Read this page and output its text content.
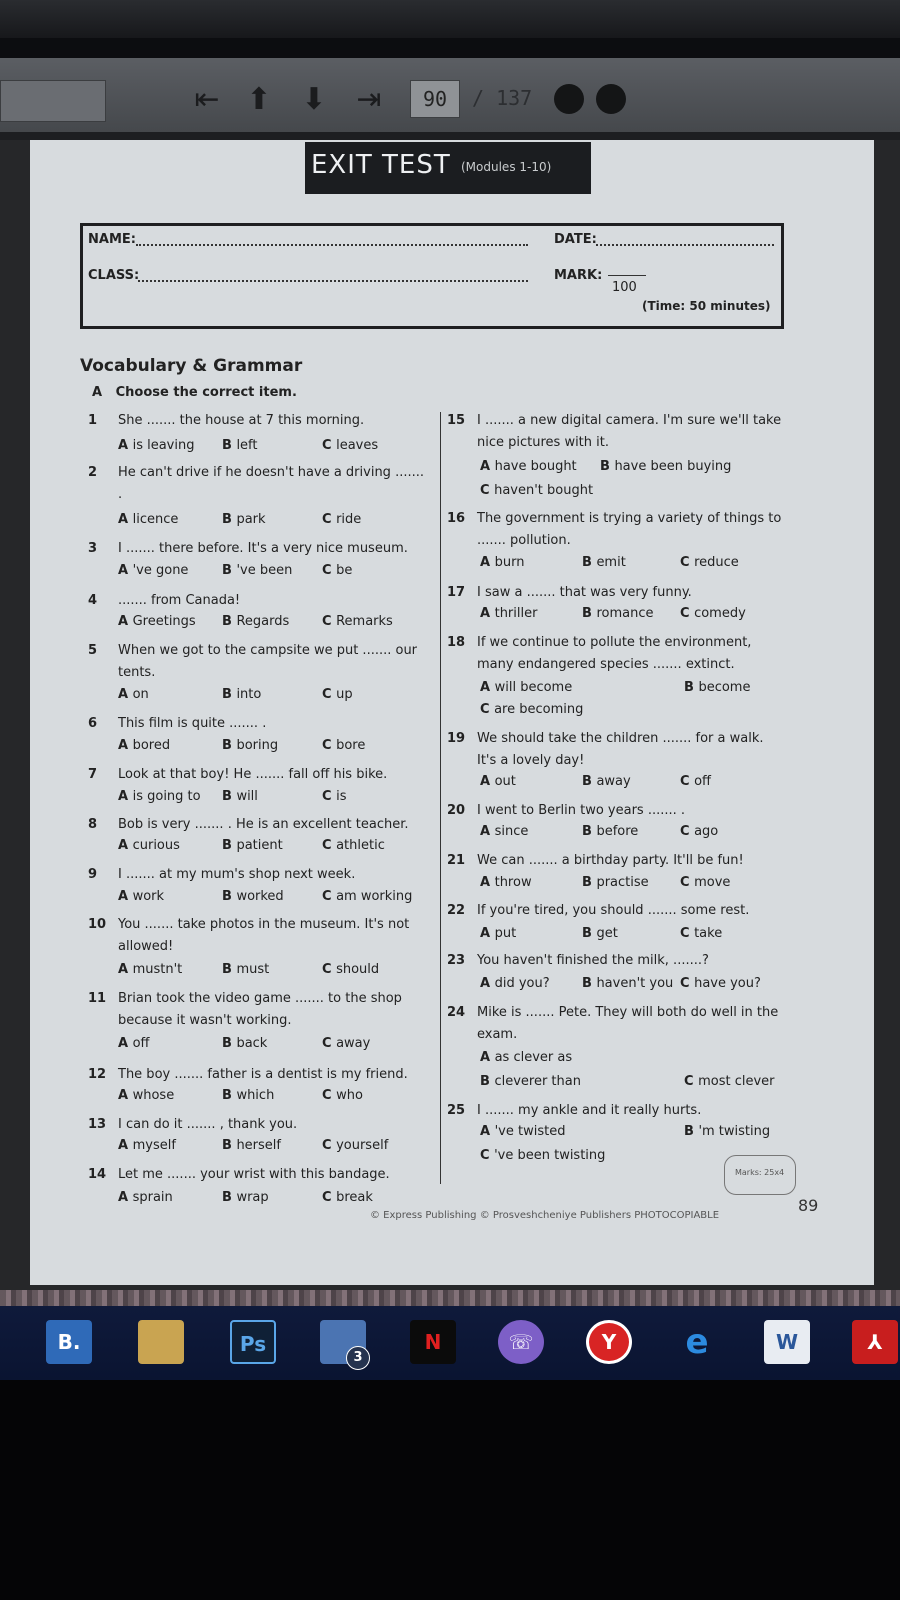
⇤ ⬆ ⬇ ⇥	90	/ 137
EXIT TEST (Modules 1-10)
NAME:	DATE:
CLASS:	MARK:
100
(Time: 50 minutes)
Vocabulary & Grammar
A Choose the correct item.
1 She ....... the house at 7 this morning.
A is leaving B left	C leaves
2 He can't drive if he doesn't have a driving ....... .
A licence	B park	C ride
3 I ....... there before. It's a very nice museum.
A 've gone	B 've been C be
4 ....... from Canada!
A Greetings B Regards	C Remarks
5 When we got to the campsite we put ....... our tents.
A on	B into	C up
6 This film is quite ....... .
A bored	B boring	C bore
7 Look at that boy! He ....... fall off his bike.
A is going to B will	C is
8 Bob is very ....... . He is an excellent teacher.
A curious	B patient	C athletic
9 I ....... at my mum's shop next week.
A work	B worked	C am working
10 You ....... take photos in the museum. It's not allowed!
A mustn't	B must	C should
11 Brian took the video game ....... to the shop because it wasn't working.
A off	B back	C away
12 The boy ....... father is a dentist is my friend.
A whose	B which	C who
13 I can do it ....... , thank you.
A myself	B herself	C yourself
14 Let me ....... your wrist with this bandage.
A sprain	B wrap	C break
15 I ....... a new digital camera. I'm sure we'll take nice pictures with it.
A have bought B have been buying
C haven't bought
16 The government is trying a variety of things to ....... pollution.
A burn	B emit	C reduce
17 I saw a ....... that was very funny.
A thriller	B romance C comedy
18 If we continue to pollute the environment, many endangered species ....... extinct.
A will become	B become
C are becoming
19 We should take the children ....... for a walk. It's a lovely day!
A out	B away	C off
20 I went to Berlin two years ....... .
A since	B before	C ago
21 We can ....... a birthday party. It'll be fun!
A throw	B practise C move
22 If you're tired, you should ....... some rest.
A put	B get	C take
23 You haven't finished the milk, .......?
A did you? B haven't you C have you?
24 Mike is ....... Pete. They will both do well in the exam.
A as clever as
B cleverer than	C most clever
25 I ....... my ankle and it really hurts.
A 've twisted	B 'm twisting
C 've been twisting
© Express Publishing © Prosveshcheniye Publishers PHOTOCOPIABLE
89
Marks: 25x4
B.	Ps
3
N	☏	Y	e	W	⅄
